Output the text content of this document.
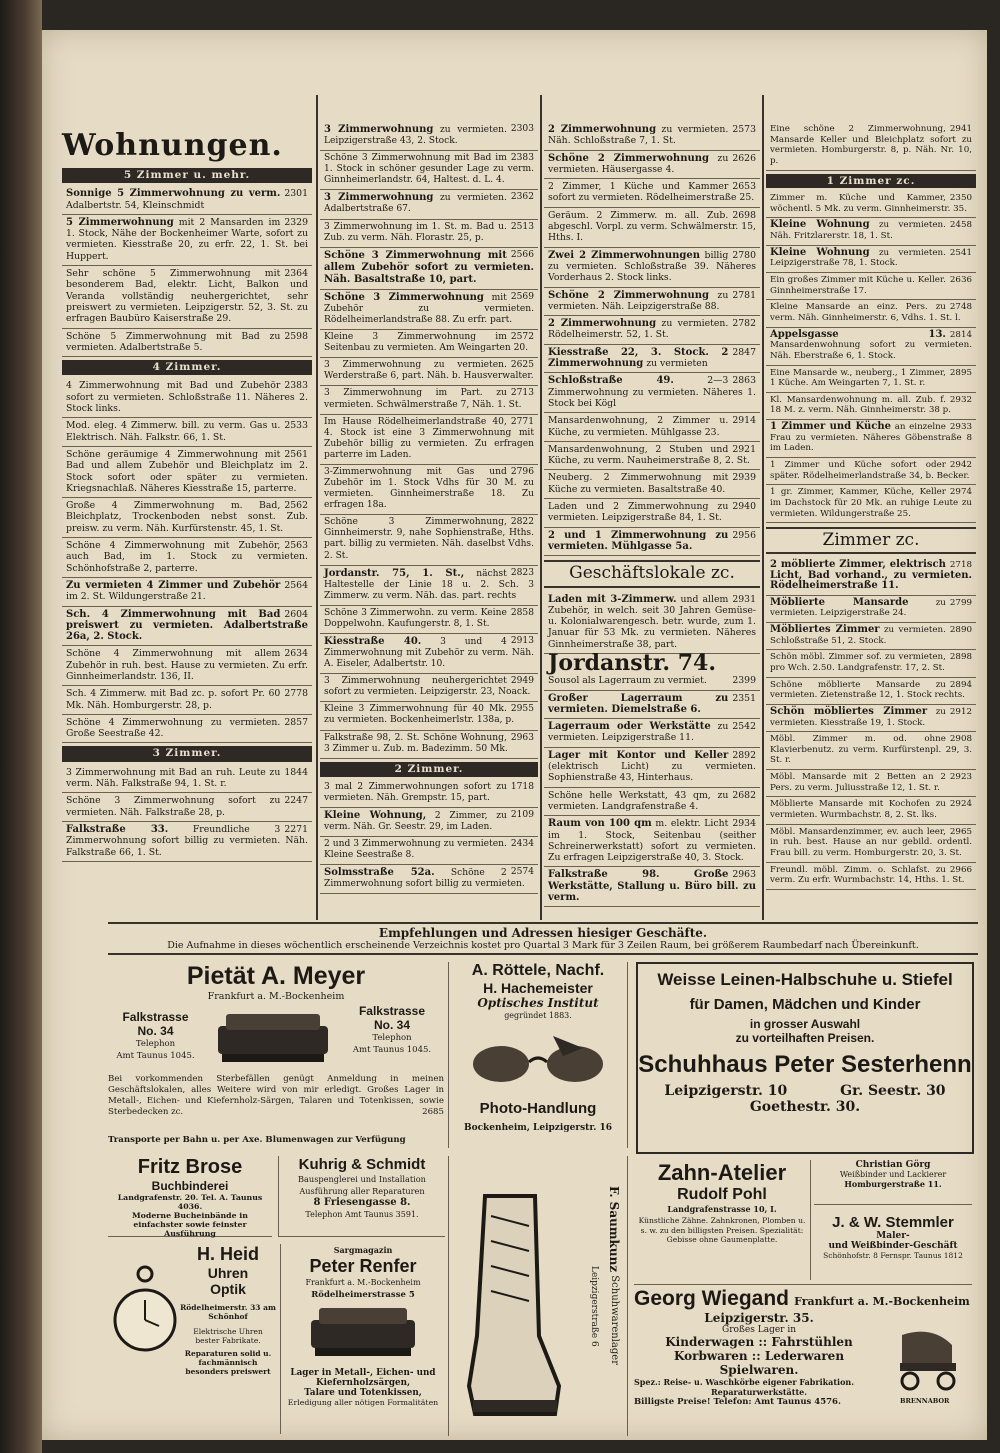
Wohnungen.
5 Zimmer u. mehr.
2301
Sonnige 5 Zimmerwohnung zu verm. Adalbertstr. 54, Kleinschmidt
2329
5 Zimmerwohnung mit 2 Mansarden im 1. Stock, Nähe der Bockenheimer Warte, sofort zu vermieten. Kiesstraße 20, zu erfr. 22, 1. St. bei Huppert.
2364
Sehr schöne 5 Zimmerwohnung mit besonderem Bad, elektr. Licht, Balkon und Veranda vollständig neuhergerichtet, sehr preiswert zu vermieten. Leipzigerstr. 52, 3. St. zu erfragen Baubüro Kaiserstraße 29.
2598
Schöne 5 Zimmerwohnung mit Bad zu vermieten. Adalbertstraße 5.
4 Zimmer.
2383
4 Zimmerwohnung mit Bad und Zubehör sofort zu vermieten. Schloßstraße 11. Näheres 2. Stock links.
2533
Mod. eleg. 4 Zimmerw. bill. zu verm. Gas u. Elektrisch. Näh. Falkstr. 66, 1. St.
2561
Schöne geräumige 4 Zimmerwohnung mit Bad und allem Zubehör und Bleichplatz im 2. Stock sofort oder später zu vermieten. Kriegsnachlaß. Näheres Kiesstraße 15, parterre.
2562
Große 4 Zimmerwohnung m. Bad, Bleichplatz, Trockenboden nebst sonst. Zub. preisw. zu verm. Näh. Kurfürstenstr. 45, 1. St.
2563
Schöne 4 Zimmerwohnung mit Zubehör, auch Bad, im 1. Stock zu vermieten. Schönhofstraße 2, parterre.
2564
Zu vermieten 4 Zimmer und Zubehör im 2. St. Wildungerstraße 21.
2604
Sch. 4 Zimmerwohnung mit Bad preiswert zu vermieten. Adalbertstraße 26a, 2. Stock.
2634
Schöne 4 Zimmerwohnung mit allem Zubehör in ruh. best. Hause zu vermieten. Zu erfr. Ginnheimerlandstr. 136, II.
2778
Sch. 4 Zimmerw. mit Bad zc. p. sofort Pr. 60 Mk. Näh. Homburgerstr. 28, p.
2857
Schöne 4 Zimmerwohnung zu vermieten. Große Seestraße 42.
3 Zimmer.
1844
3 Zimmerwohnung mit Bad an ruh. Leute zu verm. Näh. Falkstraße 94, 1. St. r.
2247
Schöne 3 Zimmerwohnung sofort zu vermieten. Näh. Falkstraße 28, p.
2271
Falkstraße 33. Freundliche 3 Zimmerwohnung sofort billig zu vermieten. Näh. Falkstraße 66, 1. St.
2303
3 Zimmerwohnung zu vermieten. Leipzigerstraße 43, 2. Stock.
2383
Schöne 3 Zimmerwohnung mit Bad im 1. Stock in schöner gesunder Lage zu verm. Ginnheimerlandstr. 64, Haltest. d. L. 4.
2362
3 Zimmerwohnung zu vermieten. Adalbertstraße 67.
2513
3 Zimmerwohnung im 1. St. m. Bad u. Zub. zu verm. Näh. Florastr. 25, p.
2566
Schöne 3 Zimmerwohnung mit allem Zubehör sofort zu vermieten. Näh. Basaltstraße 10, part.
2569
Schöne 3 Zimmerwohnung mit Zubehör zu vermieten. Rödelheimerlandstraße 88. Zu erfr. part.
2572
Kleine 3 Zimmerwohnung im Seitenbau zu vermieten. Am Weingarten 20.
2625
3 Zimmerwohnung zu vermieten. Werderstraße 6, part. Näh. b. Hausverwalter.
2713
3 Zimmerwohnung im Part. zu vermieten. Schwälmerstraße 7, Näh. 1. St.
2771
Im Hause Rödelheimerlandstraße 40, 4. Stock ist eine 3 Zimmerwohnung mit Zubehör billig zu vermieten. Zu erfragen parterre im Laden.
2796
3-Zimmerwohnung mit Gas und Zubehör im 1. Stock Vdhs für 30 M. zu vermieten. Ginnheimerstraße 18. Zu erfragen 18a.
2822
Schöne 3 Zimmerwohnung, Ginnheimerstr. 9, nahe Sophienstraße, Hths. part. billig zu vermieten. Näh. daselbst Vdhs. 2. St.
2823
Jordanstr. 75, 1. St., nächst Haltestelle der Linie 18 u. 2. Sch. 3 Zimmerw. zu verm. Näh. das. part. rechts
2858
Schöne 3 Zimmerwohn. zu verm. Keine Doppelwohn. Kaufungerstr. 8, 1. St.
2913
Kiesstraße 40. 3 und 4 Zimmerwohnung mit Zubehör zu verm. Näh. A. Eiseler, Adalbertstr. 10.
2949
3 Zimmerwohnung neuhergerichtet sofort zu vermieten. Leipzigerstr. 23, Noack.
2955
Kleine 3 Zimmerwohnung für 40 Mk. zu vermieten. Bockenheimerlstr. 138a, p.
2963
Falkstraße 98, 2. St. Schöne Wohnung, 3 Zimmer u. Zub. m. Badezimm. 50 Mk.
2 Zimmer.
1718
3 mal 2 Zimmerwohnungen sofort zu vermieten. Näh. Grempstr. 15, part.
2109
Kleine Wohnung, 2 Zimmer, zu verm. Näh. Gr. Seestr. 29, im Laden.
2434
2 und 3 Zimmerwohnung zu vermieten. Kleine Seestraße 8.
2574
Solmsstraße 52a. Schöne 2 Zimmerwohnung sofort billig zu vermieten.
2573
2 Zimmerwohnung zu vermieten. Näh. Schloßstraße 7, 1. St.
2626
Schöne 2 Zimmerwohnung zu vermieten. Häusergasse 4.
2653
2 Zimmer, 1 Küche und Kammer sofort zu vermieten. Rödelheimerstraße 25.
2698
Geräum. 2 Zimmerw. m. all. Zub. abgeschl. Vorpl. zu verm. Schwälmerstr. 15, Hths. I.
2780
Zwei 2 Zimmerwohnungen billig zu vermieten. Schloßstraße 39. Näheres Vorderhaus 2. Stock links.
2781
Schöne 2 Zimmerwohnung zu vermieten. Näh. Leipzigerstraße 88.
2782
2 Zimmerwohnung zu vermieten. Rödelheimerstr. 52, 1. St.
2847
Kiesstraße 22, 3. Stock. 2 Zimmerwohnung zu vermieten
2863
Schloßstraße 49. 2—3 Zimmerwohnung zu vermieten. Näheres 1. Stock bei Kögl
2914
Mansardenwohnung, 2 Zimmer u. Küche, zu vermieten. Mühlgasse 23.
2921
Mansardenwohnung, 2 Stuben und Küche, zu verm. Nauheimerstraße 8, 2. St.
2939
Neuberg. 2 Zimmerwohnung mit Küche zu vermieten. Basaltstraße 40.
2940
Laden und 2 Zimmerwohnung zu vermieten. Leipzigerstraße 84, 1. St.
2956
2 und 1 Zimmerwohnung zu vermieten. Mühlgasse 5a.
Geschäftslokale zc.
2931
Laden mit 3-Zimmerw. und allem Zubehör, in welch. seit 30 Jahren Gemüse- u. Kolonialwarengesch. betr. wurde, zum 1. Januar für 53 Mk. zu vermieten. Näheres Ginnheimerstraße 38, part.
Jordanstr. 74.
2399
Sousol als Lagerraum zu vermiet.
2351
Großer Lagerraum zu vermieten. Diemelstraße 6.
2542
Lagerraum oder Werkstätte zu vermieten. Leipzigerstraße 11.
2892
Lager mit Kontor und Keller (elektrisch Licht) zu vermieten. Sophienstraße 43, Hinterhaus.
2682
Schöne helle Werkstatt, 43 qm, zu vermieten. Landgrafenstraße 4.
2934
Raum von 100 qm m. elektr. Licht im 1. Stock, Seitenbau (seither Schreinerwerkstatt) sofort zu vermieten. Zu erfragen Leipzigerstraße 40, 3. Stock.
2963
Falkstraße 98. Große Werkstätte, Stallung u. Büro bill. zu verm.
2941
Eine schöne 2 Zimmerwohnung, Mansarde Keller und Bleichplatz sofort zu vermieten. Homburgerstr. 8, p. Näh. Nr. 10, p.
1 Zimmer zc.
2350
Zimmer m. Küche und Kammer, wöchentl. 5 Mk. zu verm. Ginnheimerstr. 35.
2458
Kleine Wohnung zu vermieten. Näh. Fritzlarerstr. 18, 1. St.
2541
Kleine Wohnung zu vermieten. Leipzigerstraße 78, 1. Stock.
2636
Ein großes Zimmer mit Küche u. Keller. Ginnheimerstraße 17.
2748
Kleine Mansarde an einz. Pers. zu verm. Näh. Ginnheimerstr. 6, Vdhs. 1. St. l.
2814
Appelsgasse 13. Mansardenwohnung sofort zu vermieten. Näh. Eberstraße 6, 1. Stock.
2895
Eine Mansarde w., neuberg., 1 Zimmer, 1 Küche. Am Weingarten 7, 1. St. r.
2932
Kl. Mansardenwohnung m. all. Zub. f. 18 M. z. verm. Näh. Ginnheimerstr. 38 p.
2933
1 Zimmer und Küche an einzelne Frau zu vermieten. Näheres Göbenstraße 8 im Laden.
2942
1 Zimmer und Küche sofort oder später. Rödelheimerlandstraße 34, b. Becker.
2974
1 gr. Zimmer, Kammer, Küche, Keller im Dachstock für 20 Mk. an ruhige Leute zu vermieten. Wildungerstraße 25.
Zimmer zc.
2718
2 möblierte Zimmer, elektrisch Licht, Bad vorhand., zu vermieten. Rödelheimerstraße 11.
2799
Möblierte Mansarde zu vermieten. Leipzigerstraße 24.
2890
Möbliertes Zimmer zu vermieten. Schloßstraße 51, 2. Stock.
2898
Schön möbl. Zimmer sof. zu vermieten, pro Wch. 2.50. Landgrafenstr. 17, 2. St.
2894
Schöne möblierte Mansarde zu vermieten. Zietenstraße 12, 1. Stock rechts.
2912
Schön möbliertes Zimmer zu vermieten. Kiesstraße 19, 1. Stock.
2908
Möbl. Zimmer m. od. ohne Klavierbenutz. zu verm. Kurfürstenpl. 29, 3. St. r.
2923
Möbl. Mansarde mit 2 Betten an 2 Pers. zu verm. Juliusstraße 12, 1. St. r.
2924
Möblierte Mansarde mit Kochofen zu vermieten. Wurmbachstr. 8, 2. St. lks.
2965
Möbl. Mansardenzimmer, ev. auch leer, in ruh. best. Hause an nur gebild. ordentl. Frau bill. zu verm. Homburgerstr. 20, 3. St.
2966
Freundl. möbl. Zimm. o. Schlafst. zu verm. Zu erfr. Wurmbachstr. 14, Hths. 1. St.
Empfehlungen und Adressen hiesiger Geschäfte.
Die Aufnahme in dieses wöchentlich erscheinende Verzeichnis kostet pro Quartal 3 Mark für 3 Zeilen Raum, bei größerem Raumbedarf nach Übereinkunft.
Pietät A. Meyer
Frankfurt a. M.-Bockenheim
Falkstrasse
No. 34
Telephon
Amt Taunus 1045.
Falkstrasse
No. 34
Telephon
Amt Taunus 1045.
Bei vorkommenden Sterbefällen genügt Anmeldung in meinen Geschäftslokalen, alles Weitere wird von mir erledigt. Großes Lager in Metall-, Eichen- und Kiefernholz-Särgen, Talaren und Totenkissen, sowie Sterbedecken zc.	2685
Transporte per Bahn u. per Axe. Blumenwagen zur Verfügung
A. Röttele, Nachf.
H. Hachemeister
Optisches Institut
gegründet 1883.
Photo-Handlung
Bockenheim, Leipzigerstr. 16
Weisse Leinen-Halbschuhe u. Stiefel
für Damen, Mädchen und Kinder
in grosser Auswahl
zu vorteilhaften Preisen.
Schuhhaus Peter Sesterhenn
Leipzigerstr. 10	Gr. Seestr. 30
Goethestr. 30.
Fritz Brose
Buchbinderei
Landgrafenstr. 20. Tel. A. Taunus 4036.
Moderne Bucheinbände in einfachster sowie feinster Ausführung
Kuhrig & Schmidt
Bauspenglerei und Installation
Ausführung aller Reparaturen
8 Friesengasse 8.
Telephon Amt Taunus 3591.
H. Heid
Uhren
Optik
Rödelheimerstr. 33 am Schönhof
Elektrische Uhren bester Fabrikate.
Reparaturen solid u. fachmännisch besonders preiswert
Sargmagazin
Peter Renfer
Frankfurt a. M.-Bockenheim
Rödelheimerstrasse 5
Lager in Metall-, Eichen- und Kiefernholzsärgen,
Talare und Totenkissen,
Erledigung aller nötigen Formalitäten
F. Saumkunz Schuhwarenlager
Leipzigerstraße 6
Zahn-Atelier
Rudolf Pohl
Landgrafenstrasse 10, I.
Künstliche Zähne. Zahnkronen, Plomben u. s. w. zu den billigsten Preisen. Spezialität: Gebisse ohne Gaumenplatte.
Christian Görg
Weißbinder und Lackierer
Homburgerstraße 11.
J. & W. Stemmler
Maler-
und Weißbinder-Geschäft
Schönhofstr. 8 Fernspr. Taunus 1812
Georg Wiegand Frankfurt a. M.-Bockenheim
Leipzigerstr. 35.
Großes Lager in
Kinderwagen :: Fahrstühlen
Korbwaren :: Lederwaren
Spielwaren.
Spez.: Reise- u. Waschkörbe eigener Fabrikation.
Reparaturwerkstätte.
Billigste Preise! Telefon: Amt Taunus 4576.	BRENNABOR
